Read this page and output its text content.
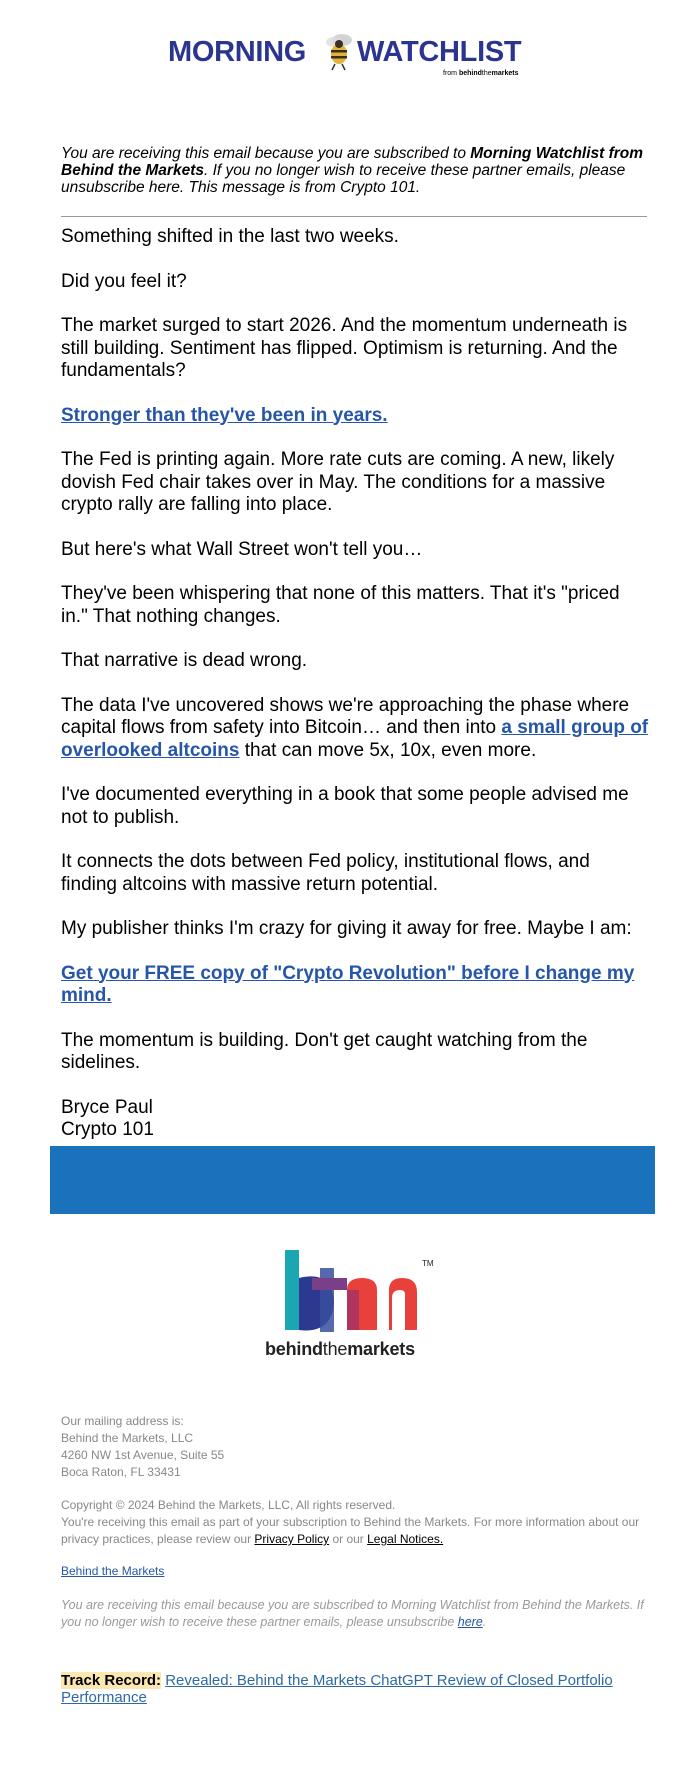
MORNING WATCHLIST
from behindthemarkets
You are receiving this email because you are subscribed to Morning Watchlist from Behind the Markets. If you no longer wish to receive these partner emails, please unsubscribe here. This message is from Crypto 101.

Something shifted in the last two weeks.

Did you feel it?

The market surged to start 2026. And the momentum underneath is still building. Sentiment has flipped. Optimism is returning. And the fundamentals?

Stronger than they've been in years.

The Fed is printing again. More rate cuts are coming. A new, likely dovish Fed chair takes over in May. The conditions for a massive crypto rally are falling into place.

But here's what Wall Street won't tell you…

They've been whispering that none of this matters. That it's "priced in." That nothing changes.

That narrative is dead wrong.

The data I've uncovered shows we're approaching the phase where capital flows from safety into Bitcoin… and then into a small group of overlooked altcoins that can move 5x, 10x, even more.

I've documented everything in a book that some people advised me not to publish.

It connects the dots between Fed policy, institutional flows, and finding altcoins with massive return potential.

My publisher thinks I'm crazy for giving it away for free. Maybe I am:

Get your FREE copy of "Crypto Revolution" before I change my mind.

The momentum is building. Don't get caught watching from the sidelines.

Bryce Paul
Crypto 101

TM
behindthemarkets
Our mailing address is:
Behind the Markets, LLC
4260 NW 1st Avenue, Suite 55
Boca Raton, FL 33431
Copyright © 2024 Behind the Markets, LLC, All rights reserved.
You're receiving this email as part of your subscription to Behind the Markets. For more information about our privacy practices, please review our Privacy Policy or our Legal Notices.
Behind the Markets
You are receiving this email because you are subscribed to Morning Watchlist from Behind the Markets. If you no longer wish to receive these partner emails, please unsubscribe here.
Track Record: Revealed: Behind the Markets ChatGPT Review of Closed Portfolio Performance
